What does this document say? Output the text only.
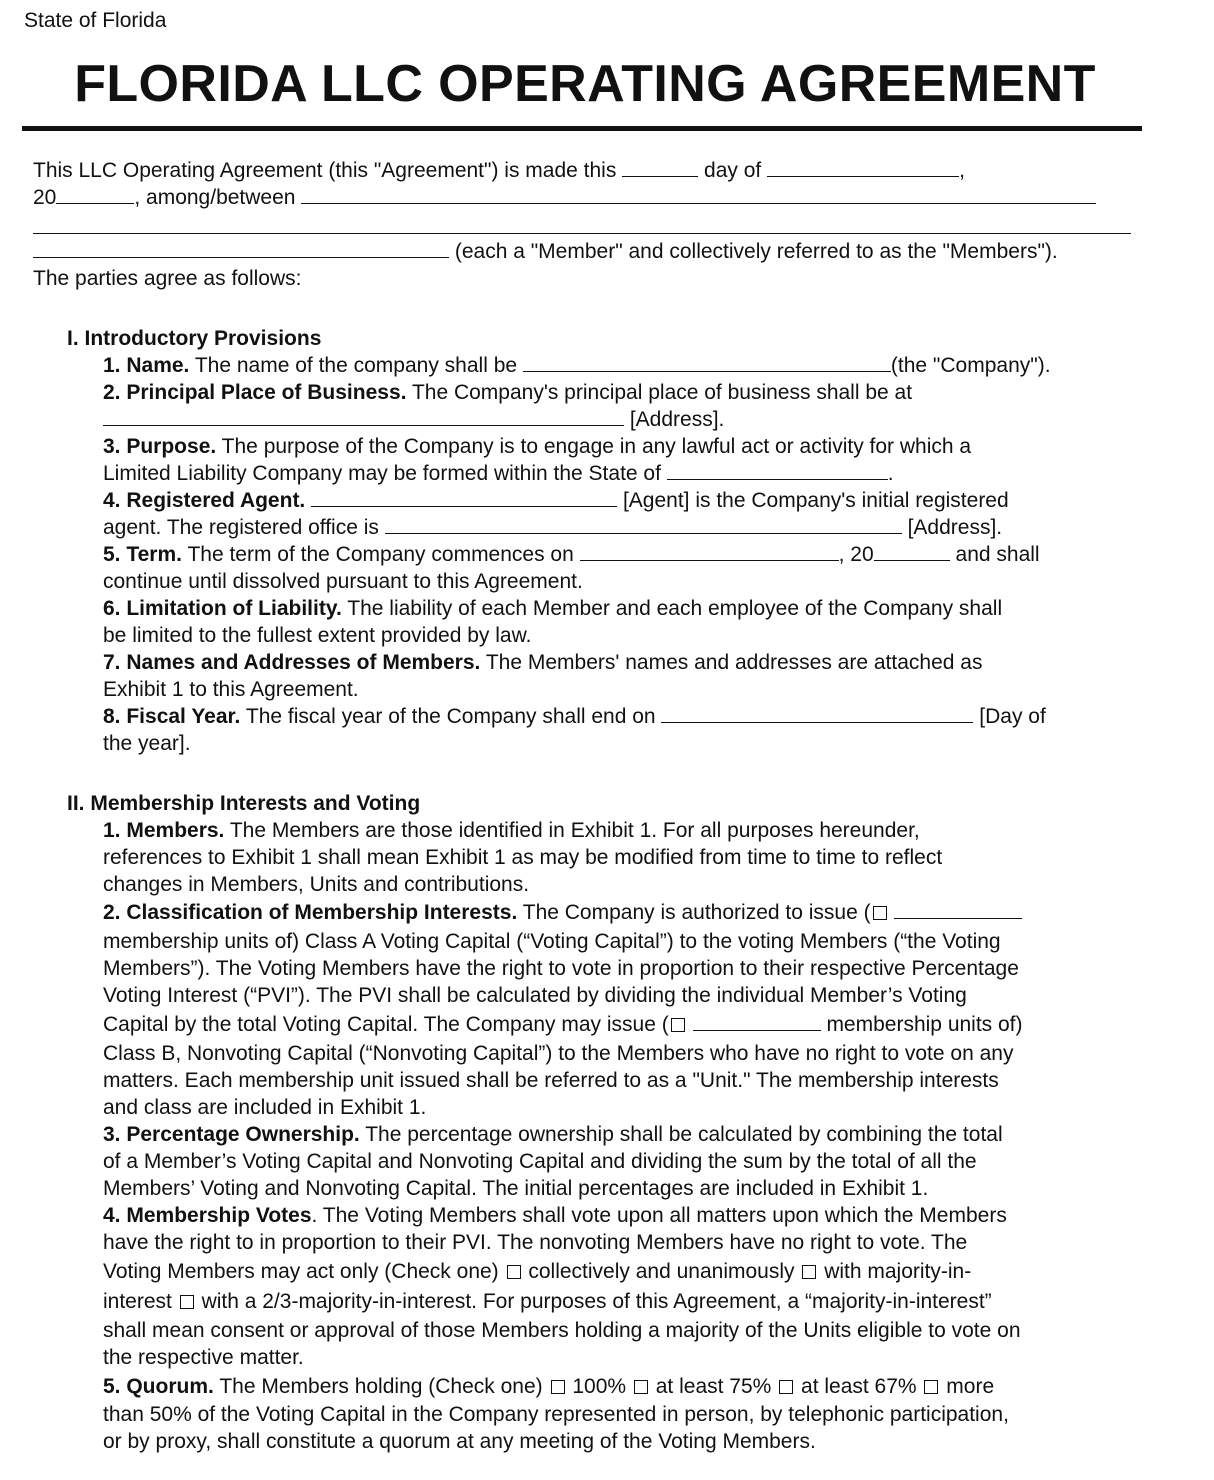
State of Florida
FLORIDA LLC OPERATING AGREEMENT
This LLC Operating Agreement (this "Agreement") is made this	day of	,
20	, among/between
(each a "Member" and collectively referred to as the "Members").
The parties agree as follows:
I. Introductory Provisions
1. Name. The name of the company shall be	(the "Company").
2. Principal Place of Business. The Company's principal place of business shall be at
[Address].
3. Purpose. The purpose of the Company is to engage in any lawful act or activity for which a
Limited Liability Company may be formed within the State of	.
4. Registered Agent.	[Agent] is the Company's initial registered
agent. The registered office is	[Address].
5. Term. The term of the Company commences on	, 20	and shall
continue until dissolved pursuant to this Agreement.
6. Limitation of Liability. The liability of each Member and each employee of the Company shall
be limited to the fullest extent provided by law.
7. Names and Addresses of Members. The Members' names and addresses are attached as
Exhibit 1 to this Agreement.
8. Fiscal Year. The fiscal year of the Company shall end on	[Day of
the year].
II. Membership Interests and Voting
1. Members. The Members are those identified in Exhibit 1. For all purposes hereunder,
references to Exhibit 1 shall mean Exhibit 1 as may be modified from time to time to reflect
changes in Members, Units and contributions.
2. Classification of Membership Interests. The Company is authorized to issue (
membership units of) Class A Voting Capital (“Voting Capital”) to the voting Members (“the Voting
Members”). The Voting Members have the right to vote in proportion to their respective Percentage
Voting Interest (“PVI”). The PVI shall be calculated by dividing the individual Member’s Voting
Capital by the total Voting Capital. The Company may issue (	membership units of)
Class B, Nonvoting Capital (“Nonvoting Capital”) to the Members who have no right to vote on any
matters. Each membership unit issued shall be referred to as a "Unit." The membership interests
and class are included in Exhibit 1.
3. Percentage Ownership. The percentage ownership shall be calculated by combining the total
of a Member’s Voting Capital and Nonvoting Capital and dividing the sum by the total of all the
Members’ Voting and Nonvoting Capital. The initial percentages are included in Exhibit 1.
4. Membership Votes. The Voting Members shall vote upon all matters upon which the Members
have the right to in proportion to their PVI. The nonvoting Members have no right to vote. The
Voting Members may act only (Check one) collectively and unanimously with majority-in-
interest with a 2/3-majority-in-interest. For purposes of this Agreement, a “majority-in-interest”
shall mean consent or approval of those Members holding a majority of the Units eligible to vote on
the respective matter.
5. Quorum. The Members holding (Check one) 100% at least 75% at least 67% more
than 50% of the Voting Capital in the Company represented in person, by telephonic participation,
or by proxy, shall constitute a quorum at any meeting of the Voting Members.
